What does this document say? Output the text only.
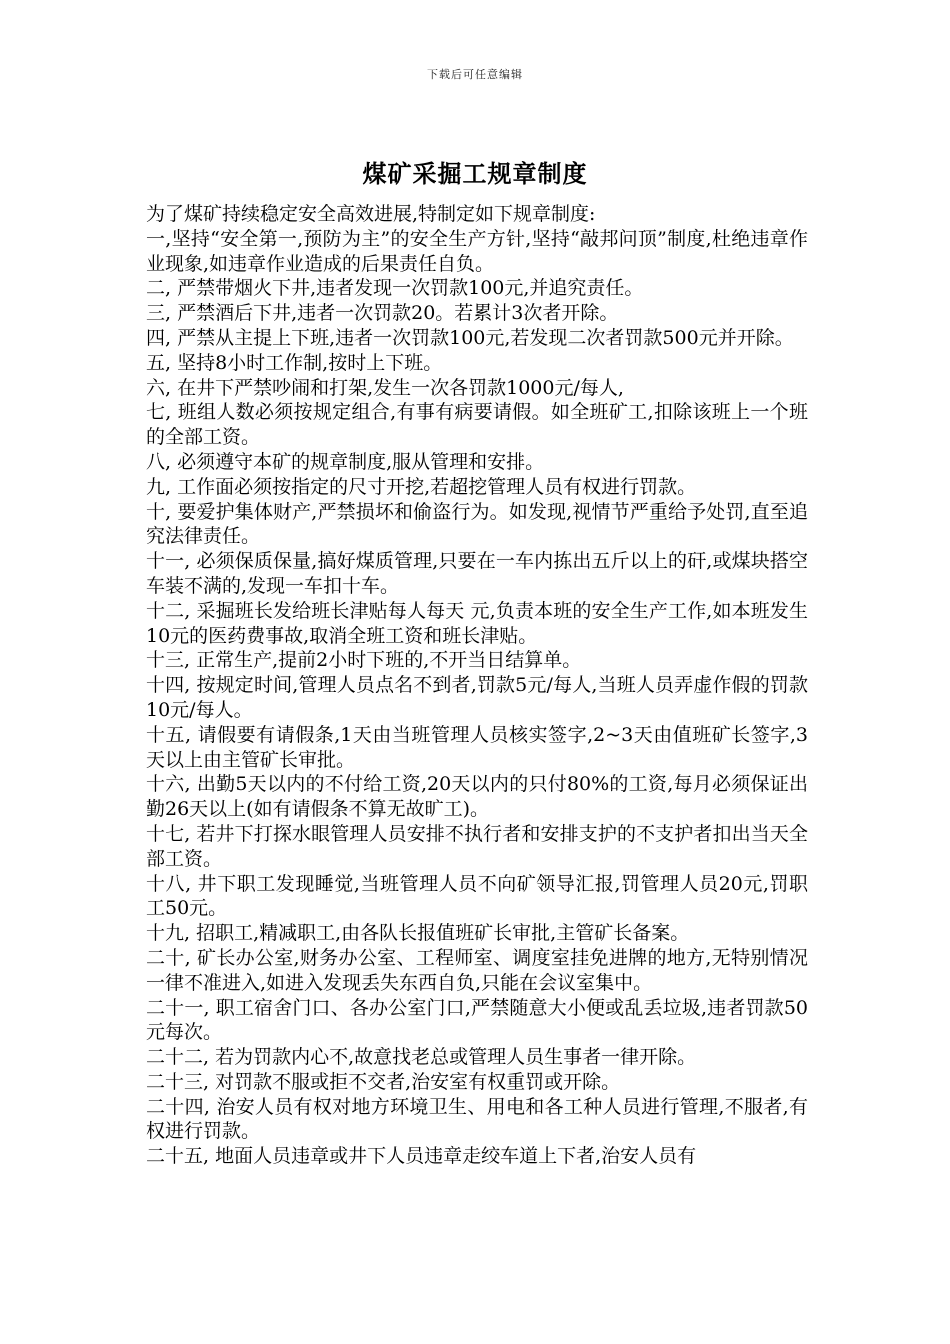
下载后可任意编辑
煤矿采掘工规章制度

为了煤矿持续稳定安全高效进展,特制定如下规章制度:

一,坚持“安全第一,预防为主”的安全生产方针,坚持“敲邦问顶”制度,杜绝违章作业现象,如违章作业造成的后果责任自负。

二, 严禁带烟火下井,违者发现一次罚款100元,并追究责任。

三, 严禁酒后下井,违者一次罚款20。若累计3次者开除。

四, 严禁从主提上下班,违者一次罚款100元,若发现二次者罚款500元并开除。

五, 坚持8小时工作制,按时上下班。

六, 在井下严禁吵闹和打架,发生一次各罚款1000元/每人,

七, 班组人数必须按规定组合,有事有病要请假。如全班矿工,扣除该班上一个班的全部工资。

八, 必须遵守本矿的规章制度,服从管理和安排。

九, 工作面必须按指定的尺寸开挖,若超挖管理人员有权进行罚款。

十, 要爱护集体财产,严禁损坏和偷盗行为。如发现,视情节严重给予处罚,直至追究法律责任。

十一, 必须保质保量,搞好煤质管理,只要在一车内拣出五斤以上的矸,或煤块搭空车装不满的,发现一车扣十车。

十二, 采掘班长发给班长津贴每人每天 元,负责本班的安全生产工作,如本班发生10元的医药费事故,取消全班工资和班长津贴。

十三, 正常生产,提前2小时下班的,不开当日结算单。

十四, 按规定时间,管理人员点名不到者,罚款5元/每人,当班人员弄虚作假的罚款10元/每人。

十五, 请假要有请假条,1天由当班管理人员核实签字,2~3天由值班矿长签字,3天以上由主管矿长审批。

十六, 出勤5天以内的不付给工资,20天以内的只付80%的工资,每月必须保证出勤26天以上(如有请假条不算无故旷工)。

十七, 若井下打探水眼管理人员安排不执行者和安排支护的不支护者扣出当天全部工资。

十八, 井下职工发现睡觉,当班管理人员不向矿领导汇报,罚管理人员20元,罚职工50元。

十九, 招职工,精减职工,由各队长报值班矿长审批,主管矿长备案。

二十, 矿长办公室,财务办公室、工程师室、调度室挂免进牌的地方,无特别情况一律不准进入,如进入发现丢失东西自负,只能在会议室集中。

二十一, 职工宿舍门口、各办公室门口,严禁随意大小便或乱丢垃圾,违者罚款50元每次。

二十二, 若为罚款内心不,故意找老总或管理人员生事者一律开除。

二十三, 对罚款不服或拒不交者,治安室有权重罚或开除。

二十四, 治安人员有权对地方环境卫生、用电和各工种人员进行管理,不服者,有权进行罚款。

二十五, 地面人员违章或井下人员违章走绞车道上下者,治安人员有
